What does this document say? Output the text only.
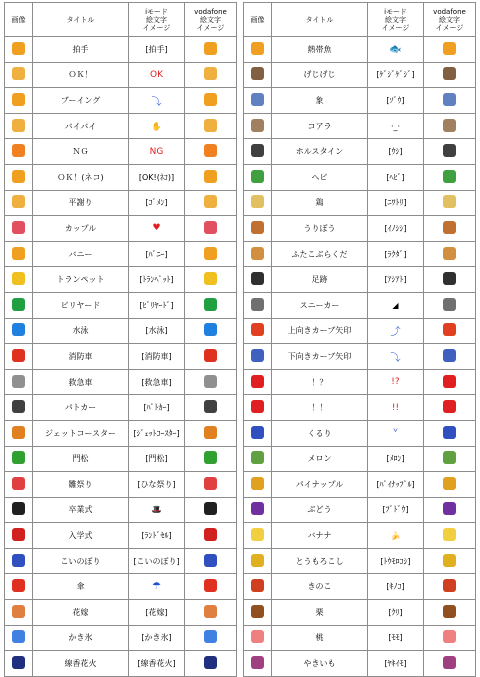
画像	タイトル	iモード
絵文字
イメージ	vodafone
絵文字
イメージ
	拍手	[拍手]	
	ＯＫ！	OK	
	ブーイング	⤵	
	バイバイ	✋	
	ＮＧ	NG	
	ＯＫ！(ネコ)	[OK!(ﾈｺ)]	
	平謝り	[ｺﾞﾒﾝ]	
	カップル	♥	
	バニー	[ﾊﾞﾆｰ]	
	トランペット	[ﾄﾗﾝﾍﾟｯﾄ]	
	ビリヤード	[ﾋﾞﾘﾔｰﾄﾞ]	
	水泳	[水泳]	
	消防車	[消防車]	
	救急車	[救急車]	
	パトカー	[ﾊﾟﾄｶｰ]	
	ジェットコースター	[ｼﾞｪｯﾄｺｰｽﾀｰ]	
	門松	[門松]	
	雛祭り	[ひな祭り]	
	卒業式	🎩	
	入学式	[ﾗﾝﾄﾞｾﾙ]	
	こいのぼり	[こいのぼり]	
	傘	☂	
	花嫁	[花嫁]	
	かき氷	[かき氷]	
	線香花火	[線香花火]	
画像	タイトル	iモード
絵文字
イメージ	vodafone
絵文字
イメージ
	熱帯魚	🐟	
	げじげじ	[ｹﾞｼﾞｹﾞｼﾞ]	
	象	[ｿﾞｳ]	
	コアラ	·_·	
	ホルスタイン	[ｳｼ]	
	ヘビ	[ﾍﾋﾞ]	
	鶏	[ﾆﾜﾄﾘ]	
	うりぼう	[ｲﾉｼｼ]	
	ふたこぶらくだ	[ﾗｸﾀﾞ]	
	足跡	[ｱｼｱﾄ]	
	スニーカー	◢	
	上向きカーブ矢印	⤴	
	下向きカーブ矢印	⤵	
	！？	!?	
	！！	!!	
	くるり	ᘁ	
	メロン	[ﾒﾛﾝ]	
	パイナップル	[ﾊﾟｲﾅｯﾌﾟﾙ]	
	ぶどう	[ﾌﾞﾄﾞｳ]	
	バナナ	🍌	
	とうもろこし	[ﾄｳﾓﾛｺｼ]	
	きのこ	[ｷﾉｺ]	
	栗	[ｸﾘ]	
	桃	[ﾓﾓ]	
	やきいも	[ﾔｷｲﾓ]	
